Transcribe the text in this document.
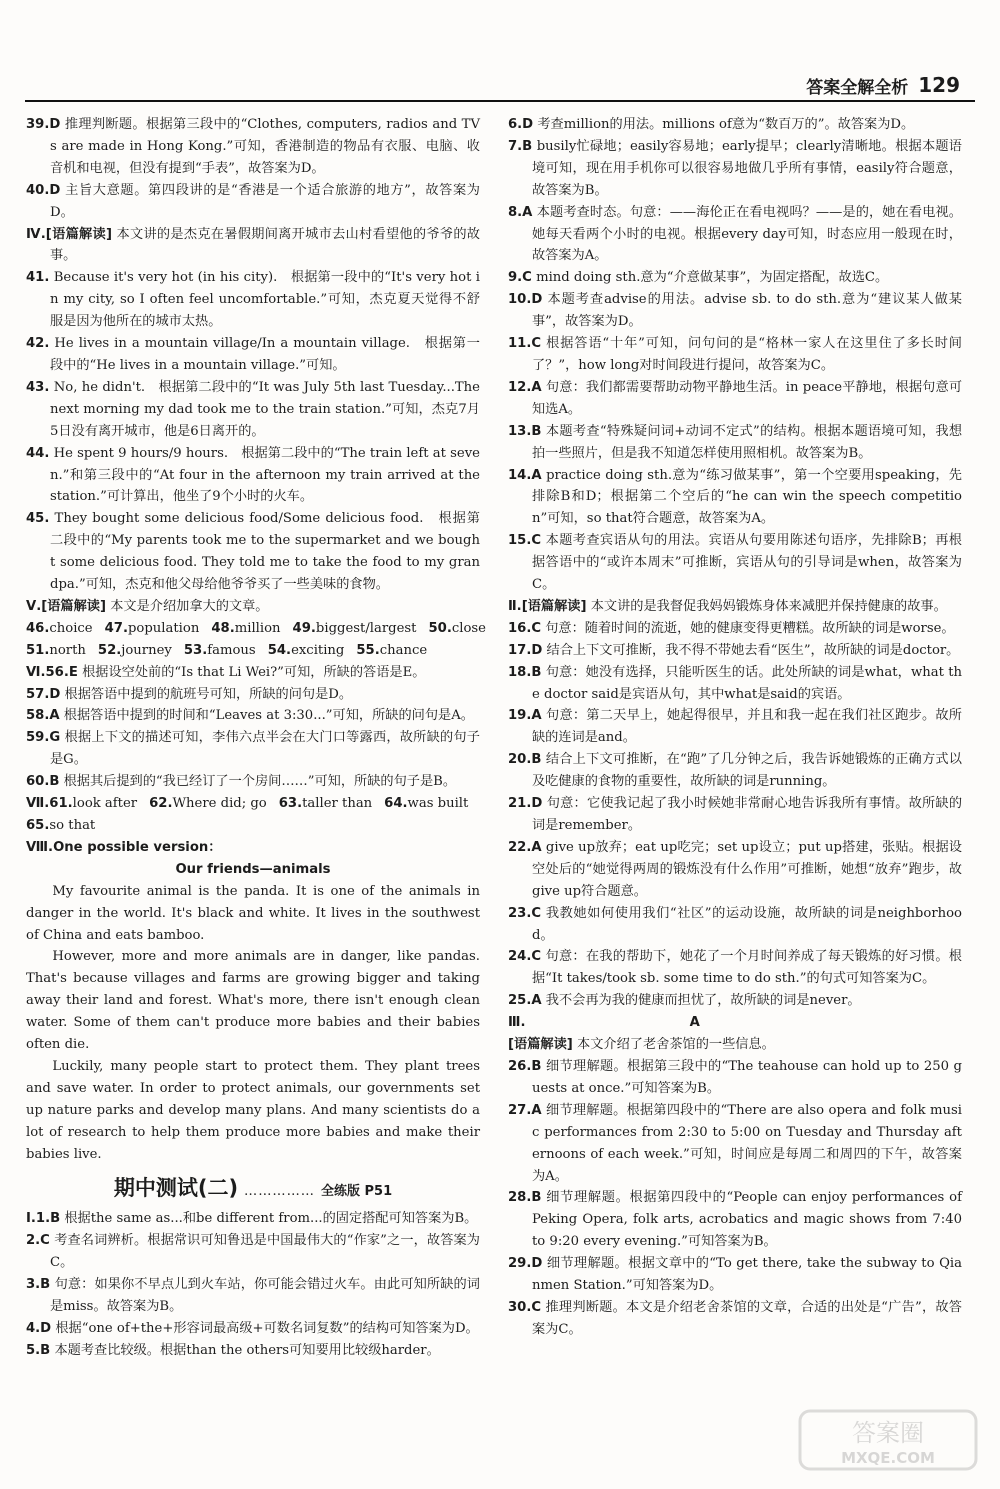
答案全解全析 129
39.D 推理判断题。根据第三段中的“Clothes, computers, radios and TVs are made in Hong Kong.”可知，香港制造的物品有衣服、电脑、收音机和电视，但没有提到“手表”，故答案为D。
40.D 主旨大意题。第四段讲的是“香港是一个适合旅游的地方”，故答案为D。
Ⅳ.[语篇解读] 本文讲的是杰克在暑假期间离开城市去山村看望他的爷爷的故事。
41. Because it's very hot (in his city).　根据第一段中的“It's very hot in my city, so I often feel uncomfortable.”可知，杰克夏天觉得不舒服是因为他所在的城市太热。
42. He lives in a mountain village/In a mountain village.　根据第一段中的“He lives in a mountain village.”可知。
43. No, he didn't.　根据第二段中的“It was July 5th last Tuesday...The next morning my dad took me to the train station.”可知，杰克7月5日没有离开城市，他是6日离开的。
44. He spent 9 hours/9 hours.　根据第二段中的“The train left at seven.”和第三段中的“At four in the afternoon my train arrived at the station.”可计算出，他坐了9个小时的火车。
45. They bought some delicious food/Some delicious food.　根据第二段中的“My parents took me to the supermarket and we bought some delicious food. They told me to take the food to my grandpa.”可知，杰克和他父母给他爷爷买了一些美味的食物。
Ⅴ.[语篇解读] 本文是介绍加拿大的文章。
46.choice 47.population 48.million 49.biggest/largest 50.close
51.north 52.journey 53.famous 54.exciting 55.chance
Ⅵ.56.E 根据设空处前的“Is that Li Wei?”可知，所缺的答语是E。
57.D 根据答语中提到的航班号可知，所缺的问句是D。
58.A 根据答语中提到的时间和“Leaves at 3:30...”可知，所缺的问句是A。
59.G 根据上下文的描述可知，李伟六点半会在大门口等露西，故所缺的句子是G。
60.B 根据其后提到的“我已经订了一个房间……”可知，所缺的句子是B。
Ⅶ.61.look after 62.Where did; go 63.taller than 64.was built
65.so that
Ⅷ.One possible version：
Our friends—animals
My favourite animal is the panda. It is one of the animals in danger in the world. It's black and white. It lives in the southwest of China and eats bamboo.
However, more and more animals are in danger, like pandas. That's because villages and farms are growing bigger and taking away their land and forest. What's more, there isn't enough clean water. Some of them can't produce more babies and their babies often die.
Luckily, many people start to protect them. They plant trees and save water. In order to protect animals, our governments set up nature parks and develop many plans. And many scientists do a lot of research to help them produce more babies and make their babies live.
期中测试(二) …………… 全练版 P51
Ⅰ.1.B 根据the same as...和be different from...的固定搭配可知答案为B。
2.C 考查名词辨析。根据常识可知鲁迅是中国最伟大的“作家”之一，故答案为C。
3.B 句意：如果你不早点儿到火车站，你可能会错过火车。由此可知所缺的词是miss。故答案为B。
4.D 根据“one of+the+形容词最高级+可数名词复数”的结构可知答案为D。
5.B 本题考查比较级。根据than the others可知要用比较级harder。
6.D 考查million的用法。millions of意为“数百万的”。故答案为D。
7.B busily忙碌地；easily容易地；early提早；clearly清晰地。根据本题语境可知，现在用手机你可以很容易地做几乎所有事情，easily符合题意，故答案为B。
8.A 本题考查时态。句意：——海伦正在看电视吗？——是的，她在看电视。她每天看两个小时的电视。根据every day可知，时态应用一般现在时，故答案为A。
9.C mind doing sth.意为“介意做某事”，为固定搭配，故选C。
10.D 本题考查advise的用法。advise sb. to do sth.意为“建议某人做某事”，故答案为D。
11.C 根据答语“十年”可知，问句问的是“格林一家人在这里住了多长时间了？”，how long对时间段进行提问，故答案为C。
12.A 句意：我们都需要帮助动物平静地生活。in peace平静地，根据句意可知选A。
13.B 本题考查“特殊疑问词+动词不定式”的结构。根据本题语境可知，我想拍一些照片，但是我不知道怎样使用照相机。故答案为B。
14.A practice doing sth.意为“练习做某事”，第一个空要用speaking，先排除B和D；根据第二个空后的“he can win the speech competition”可知，so that符合题意，故答案为A。
15.C 本题考查宾语从句的用法。宾语从句要用陈述句语序，先排除B；再根据答语中的“或许本周末”可推断，宾语从句的引导词是when，故答案为C。
Ⅱ.[语篇解读] 本文讲的是我督促我妈妈锻炼身体来减肥并保持健康的故事。
16.C 句意：随着时间的流逝，她的健康变得更糟糕。故所缺的词是worse。
17.D 结合上下文可推断，我不得不带她去看“医生”，故所缺的词是doctor。
18.B 句意：她没有选择，只能听医生的话。此处所缺的词是what，what the doctor said是宾语从句，其中what是said的宾语。
19.A 句意：第二天早上，她起得很早，并且和我一起在我们社区跑步。故所缺的连词是and。
20.B 结合上下文可推断，在“跑”了几分钟之后，我告诉她锻炼的正确方式以及吃健康的食物的重要性，故所缺的词是running。
21.D 句意：它使我记起了我小时候她非常耐心地告诉我所有事情。故所缺的词是remember。
22.A give up放弃；eat up吃完；set up设立；put up搭建，张贴。根据设空处后的“她觉得两周的锻炼没有什么作用”可推断，她想“放弃”跑步，故give up符合题意。
23.C 我教她如何使用我们“社区”的运动设施，故所缺的词是neighborhood。
24.C 句意：在我的帮助下，她花了一个月时间养成了每天锻炼的好习惯。根据“It takes/took sb. some time to do sth.”的句式可知答案为C。
25.A 我不会再为我的健康而担忧了，故所缺的词是never。
Ⅲ.	A
[语篇解读] 本文介绍了老舍茶馆的一些信息。
26.B 细节理解题。根据第三段中的“The teahouse can hold up to 250 guests at once.”可知答案为B。
27.A 细节理解题。根据第四段中的“There are also opera and folk music performances from 2:30 to 5:00 on Tuesday and Thursday afternoons of each week.”可知，时间应是每周二和周四的下午，故答案为A。
28.B 细节理解题。根据第四段中的“People can enjoy performances of Peking Opera, folk arts, acrobatics and magic shows from 7:40 to 9:20 every evening.”可知答案为B。
29.D 细节理解题。根据文章中的“To get there, take the subway to Qianmen Station.”可知答案为D。
30.C 推理判断题。本文是介绍老舍茶馆的文章，合适的出处是“广告”，故答案为C。
答案圈
MXQE.COM
